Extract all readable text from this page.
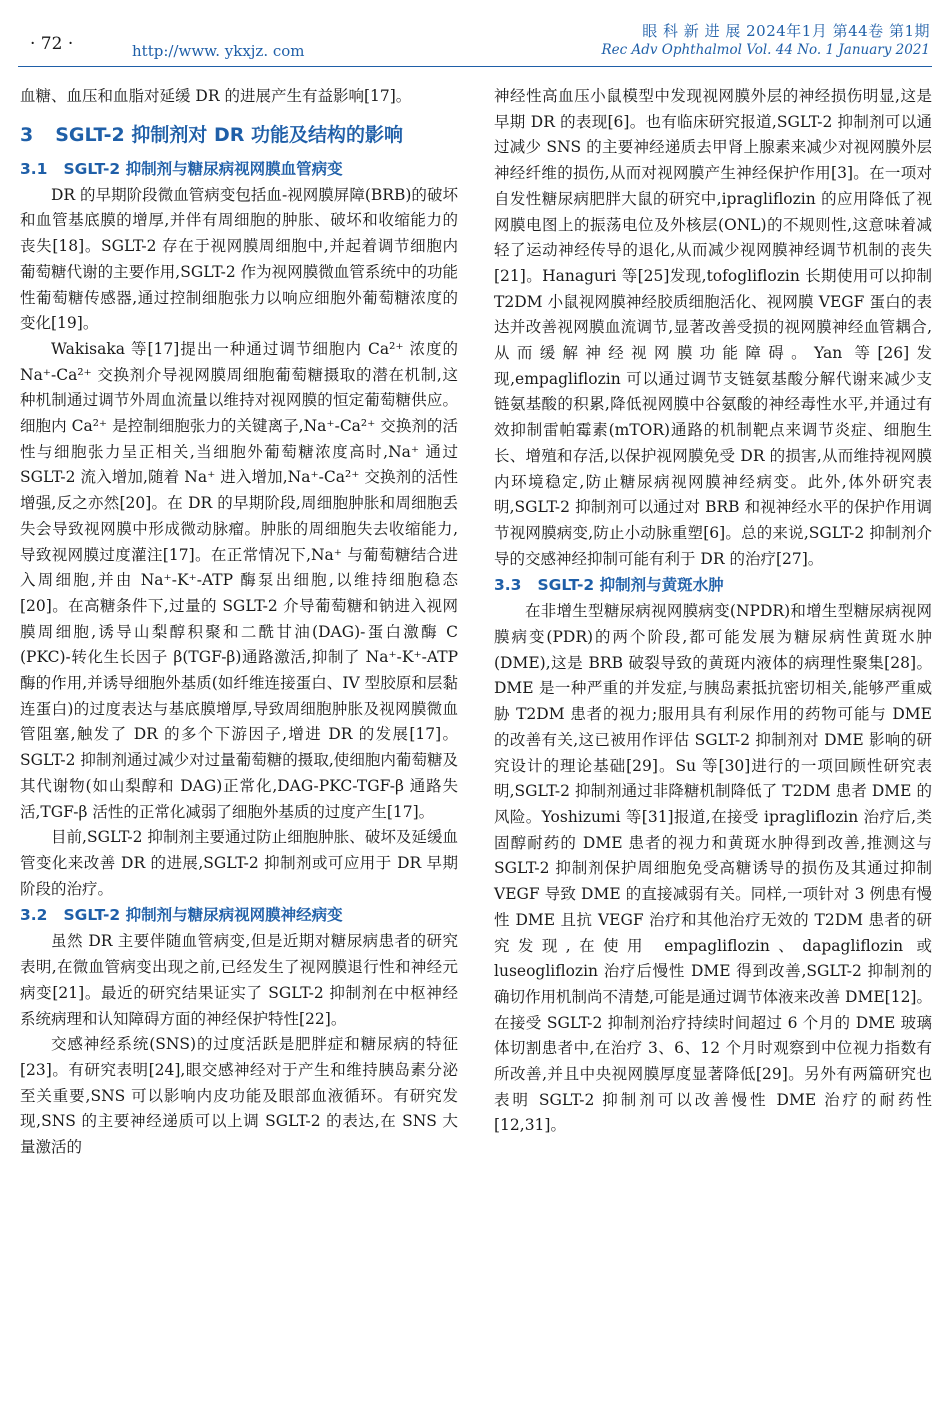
· 72 ·	http://www. ykxjz. com
眼 科 新 进 展 2024年1月 第44卷 第1期
Rec Adv Ophthalmol Vol. 44 No. 1 January 2021

血糖、血压和血脂对延缓 DR 的进展产生有益影响[17]。

3 SGLT-2 抑制剂对 DR 功能及结构的影响
3.1 SGLT-2 抑制剂与糖尿病视网膜血管病变

DR 的早期阶段微血管病变包括血-视网膜屏障(BRB)的破坏和血管基底膜的增厚,并伴有周细胞的肿胀、破坏和收缩能力的丧失[18]。SGLT-2 存在于视网膜周细胞中,并起着调节细胞内葡萄糖代谢的主要作用,SGLT-2 作为视网膜微血管系统中的功能性葡萄糖传感器,通过控制细胞张力以响应细胞外葡萄糖浓度的变化[19]。

Wakisaka 等[17]提出一种通过调节细胞内 Ca²⁺ 浓度的 Na⁺-Ca²⁺ 交换剂介导视网膜周细胞葡萄糖摄取的潜在机制,这种机制通过调节外周血流量以维持对视网膜的恒定葡萄糖供应。细胞内 Ca²⁺ 是控制细胞张力的关键离子,Na⁺-Ca²⁺ 交换剂的活性与细胞张力呈正相关,当细胞外葡萄糖浓度高时,Na⁺ 通过 SGLT-2 流入增加,随着 Na⁺ 进入增加,Na⁺-Ca²⁺ 交换剂的活性增强,反之亦然[20]。在 DR 的早期阶段,周细胞肿胀和周细胞丢失会导致视网膜中形成微动脉瘤。肿胀的周细胞失去收缩能力,导致视网膜过度灌注[17]。在正常情况下,Na⁺ 与葡萄糖结合进入周细胞,并由 Na⁺-K⁺-ATP 酶泵出细胞,以维持细胞稳态[20]。在高糖条件下,过量的 SGLT-2 介导葡萄糖和钠进入视网膜周细胞,诱导山梨醇积聚和二酰甘油(DAG)-蛋白激酶 C (PKC)-转化生长因子 β(TGF-β)通路激活,抑制了 Na⁺-K⁺-ATP 酶的作用,并诱导细胞外基质(如纤维连接蛋白、IV 型胶原和层黏连蛋白)的过度表达与基底膜增厚,导致周细胞肿胀及视网膜微血管阻塞,触发了 DR 的多个下游因子,增进 DR 的发展[17]。SGLT-2 抑制剂通过减少对过量葡萄糖的摄取,使细胞内葡萄糖及其代谢物(如山梨醇和 DAG)正常化,DAG-PKC-TGF-β 通路失活,TGF-β 活性的正常化减弱了细胞外基质的过度产生[17]。

目前,SGLT-2 抑制剂主要通过防止细胞肿胀、破坏及延缓血管变化来改善 DR 的进展,SGLT-2 抑制剂或可应用于 DR 早期阶段的治疗。

3.2 SGLT-2 抑制剂与糖尿病视网膜神经病变

虽然 DR 主要伴随血管病变,但是近期对糖尿病患者的研究表明,在微血管病变出现之前,已经发生了视网膜退行性和神经元病变[21]。最近的研究结果证实了 SGLT-2 抑制剂在中枢神经系统病理和认知障碍方面的神经保护特性[22]。

交感神经系统(SNS)的过度活跃是肥胖症和糖尿病的特征[23]。有研究表明[24],眼交感神经对于产生和维持胰岛素分泌至关重要,SNS 可以影响内皮功能及眼部血液循环。有研究发现,SNS 的主要神经递质可以上调 SGLT-2 的表达,在 SNS 大量激活的

神经性高血压小鼠模型中发现视网膜外层的神经损伤明显,这是早期 DR 的表现[6]。也有临床研究报道,SGLT-2 抑制剂可以通过减少 SNS 的主要神经递质去甲肾上腺素来减少对视网膜外层神经纤维的损伤,从而对视网膜产生神经保护作用[3]。在一项对自发性糖尿病肥胖大鼠的研究中,ipragliflozin 的应用降低了视网膜电图上的振荡电位及外核层(ONL)的不规则性,这意味着减轻了运动神经传导的退化,从而减少视网膜神经调节机制的丧失[21]。Hanaguri 等[25]发现,tofogliflozin 长期使用可以抑制 T2DM 小鼠视网膜神经胶质细胞活化、视网膜 VEGF 蛋白的表达并改善视网膜血流调节,显著改善受损的视网膜神经血管耦合,从而缓解神经视网膜功能障碍。Yan 等[26]发现,empagliflozin 可以通过调节支链氨基酸分解代谢来减少支链氨基酸的积累,降低视网膜中谷氨酸的神经毒性水平,并通过有效抑制雷帕霉素(mTOR)通路的机制靶点来调节炎症、细胞生长、增殖和存活,以保护视网膜免受 DR 的损害,从而维持视网膜内环境稳定,防止糖尿病视网膜神经病变。此外,体外研究表明,SGLT-2 抑制剂可以通过对 BRB 和视神经水平的保护作用调节视网膜病变,防止小动脉重塑[6]。总的来说,SGLT-2 抑制剂介导的交感神经抑制可能有利于 DR 的治疗[27]。

3.3 SGLT-2 抑制剂与黄斑水肿

在非增生型糖尿病视网膜病变(NPDR)和增生型糖尿病视网膜病变(PDR)的两个阶段,都可能发展为糖尿病性黄斑水肿(DME),这是 BRB 破裂导致的黄斑内液体的病理性聚集[28]。DME 是一种严重的并发症,与胰岛素抵抗密切相关,能够严重威胁 T2DM 患者的视力;服用具有利尿作用的药物可能与 DME 的改善有关,这已被用作评估 SGLT-2 抑制剂对 DME 影响的研究设计的理论基础[29]。Su 等[30]进行的一项回顾性研究表明,SGLT-2 抑制剂通过非降糖机制降低了 T2DM 患者 DME 的风险。Yoshizumi 等[31]报道,在接受 ipragliflozin 治疗后,类固醇耐药的 DME 患者的视力和黄斑水肿得到改善,推测这与 SGLT-2 抑制剂保护周细胞免受高糖诱导的损伤及其通过抑制 VEGF 导致 DME 的直接减弱有关。同样,一项针对 3 例患有慢性 DME 且抗 VEGF 治疗和其他治疗无效的 T2DM 患者的研究发现,在使用 empagliflozin、dapagliflozin 或 luseogliflozin 治疗后慢性 DME 得到改善,SGLT-2 抑制剂的确切作用机制尚不清楚,可能是通过调节体液来改善 DME[12]。在接受 SGLT-2 抑制剂治疗持续时间超过 6 个月的 DME 玻璃体切割患者中,在治疗 3、6、12 个月时观察到中位视力指数有所改善,并且中央视网膜厚度显著降低[29]。另外有两篇研究也表明 SGLT-2 抑制剂可以改善慢性 DME 治疗的耐药性[12,31]。
